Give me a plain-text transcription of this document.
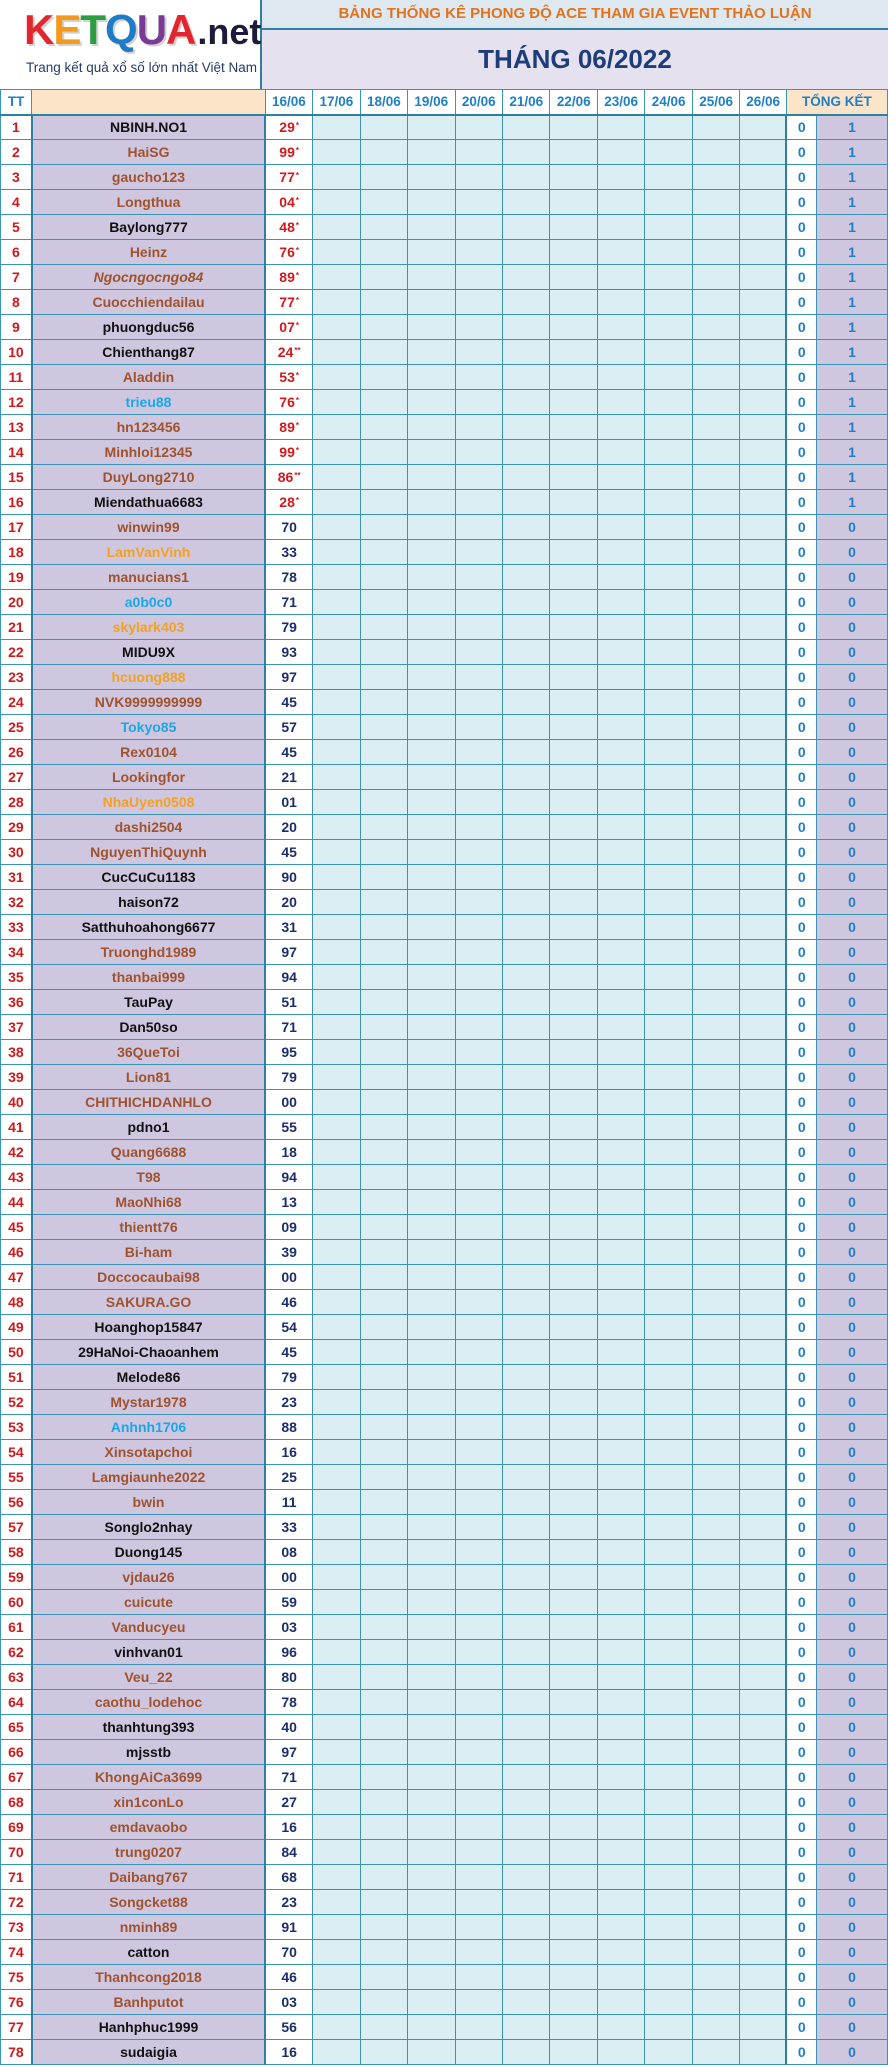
KETQUA.net
Trang kết quả xổ số lớn nhất Việt Nam
BẢNG THỐNG KÊ PHONG ĐỘ ACE THAM GIA EVENT THẢO LUẬN
THÁNG 06/2022
TT		16/06	17/06	18/06	19/06	20/06	21/06	22/06	23/06	24/06	25/06	26/06	TỔNG KẾT	
1	NBINH.NO1	29*											0	1
2	HaiSG	99*											0	1
3	gaucho123	77*											0	1
4	Longthua	04*											0	1
5	Baylong777	48*											0	1
6	Heinz	76*											0	1
7	Ngocngocngo84	89*											0	1
8	Cuocchiendailau	77*											0	1
9	phuongduc56	07*											0	1
10	Chienthang87	24**											0	1
11	Aladdin	53*											0	1
12	trieu88	76*											0	1
13	hn123456	89*											0	1
14	Minhloi12345	99*											0	1
15	DuyLong2710	86**											0	1
16	Miendathua6683	28*											0	1
17	winwin99	70											0	0
18	LamVanVinh	33											0	0
19	manucians1	78											0	0
20	a0b0c0	71											0	0
21	skylark403	79											0	0
22	MIDU9X	93											0	0
23	hcuong888	97											0	0
24	NVK9999999999	45											0	0
25	Tokyo85	57											0	0
26	Rex0104	45											0	0
27	Lookingfor	21											0	0
28	NhaUyen0508	01											0	0
29	dashi2504	20											0	0
30	NguyenThiQuynh	45											0	0
31	CucCuCu1183	90											0	0
32	haison72	20											0	0
33	Satthuhoahong6677	31											0	0
34	Truonghd1989	97											0	0
35	thanbai999	94											0	0
36	TauPay	51											0	0
37	Dan50so	71											0	0
38	36QueToi	95											0	0
39	Lion81	79											0	0
40	CHITHICHDANHLO	00											0	0
41	pdno1	55											0	0
42	Quang6688	18											0	0
43	T98	94											0	0
44	MaoNhi68	13											0	0
45	thientt76	09											0	0
46	Bi-ham	39											0	0
47	Doccocaubai98	00											0	0
48	SAKURA.GO	46											0	0
49	Hoanghop15847	54											0	0
50	29HaNoi-Chaoanhem	45											0	0
51	Melode86	79											0	0
52	Mystar1978	23											0	0
53	Anhnh1706	88											0	0
54	Xinsotapchoi	16											0	0
55	Lamgiaunhe2022	25											0	0
56	bwin	11											0	0
57	Songlo2nhay	33											0	0
58	Duong145	08											0	0
59	vjdau26	00											0	0
60	cuicute	59											0	0
61	Vanducyeu	03											0	0
62	vinhvan01	96											0	0
63	Veu_22	80											0	0
64	caothu_lodehoc	78											0	0
65	thanhtung393	40											0	0
66	mjsstb	97											0	0
67	KhongAiCa3699	71											0	0
68	xin1conLo	27											0	0
69	emdavaobo	16											0	0
70	trung0207	84											0	0
71	Daibang767	68											0	0
72	Songcket88	23											0	0
73	nminh89	91											0	0
74	catton	70											0	0
75	Thanhcong2018	46											0	0
76	Banhputot	03											0	0
77	Hanhphuc1999	56											0	0
78	sudaigia	16											0	0
